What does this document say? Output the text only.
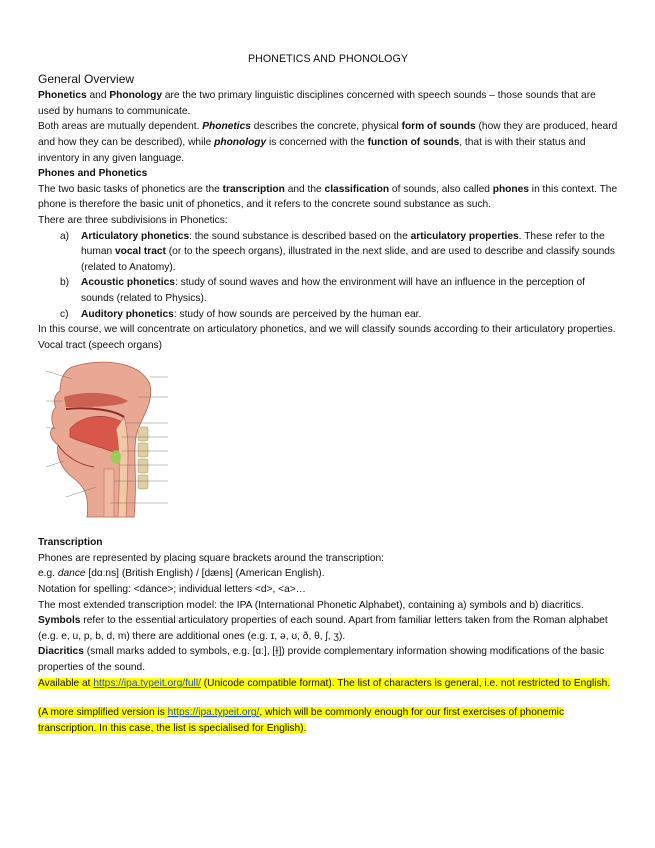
PHONETICS AND PHONOLOGY
General Overview

Phonetics and Phonology are the two primary linguistic disciplines concerned with speech sounds – those sounds that are used by humans to communicate.

Both areas are mutually dependent. Phonetics describes the concrete, physical form of sounds (how they are produced, heard and how they can be described), while phonology is concerned with the function of sounds, that is with their status and inventory in any given language.

Phones and Phonetics

The two basic tasks of phonetics are the transcription and the classification of sounds, also called phones in this context. The phone is therefore the basic unit of phonetics, and it refers to the concrete sound substance as such.

There are three subdivisions in Phonetics:

a) Articulatory phonetics: the sound substance is described based on the articulatory properties. These refer to the human vocal tract (or to the speech organs), illustrated in the next slide, and are used to describe and classify sounds (related to Anatomy).
b) Acoustic phonetics: study of sound waves and how the environment will have an influence in the perception of sounds (related to Physics).
c) Auditory phonetics: study of how sounds are perceived by the human ear.

In this course, we will concentrate on articulatory phonetics, and we will classify sounds according to their articulatory properties.

Vocal tract (speech organs)

Transcription

Phones are represented by placing square brackets around the transcription:

e.g. dance [dɑːns] (British English) / [dæns] (American English).

Notation for spelling: <dance>; individual letters <d>, <a>…

The most extended transcription model: the IPA (International Phonetic Alphabet), containing a) symbols and b) diacritics.

Symbols refer to the essential articulatory properties of each sound. Apart from familiar letters taken from the Roman alphabet (e.g. e, u, p, b, d, m) there are additional ones (e.g. ɪ, ə, ʊ, ð, θ, ʃ, ʒ).

Diacritics (small marks added to symbols, e.g. [ɑː], [ɫ̩]) provide complementary information showing modifications of the basic properties of the sound.

Available at https://ipa.typeit.org/full/ (Unicode compatible format). The list of characters is general, i.e. not restricted to English.

(A more simplified version is https://ipa.typeit.org/, which will be commonly enough for our first exercises of phonemic transcription. In this case, the list is specialised for English).
